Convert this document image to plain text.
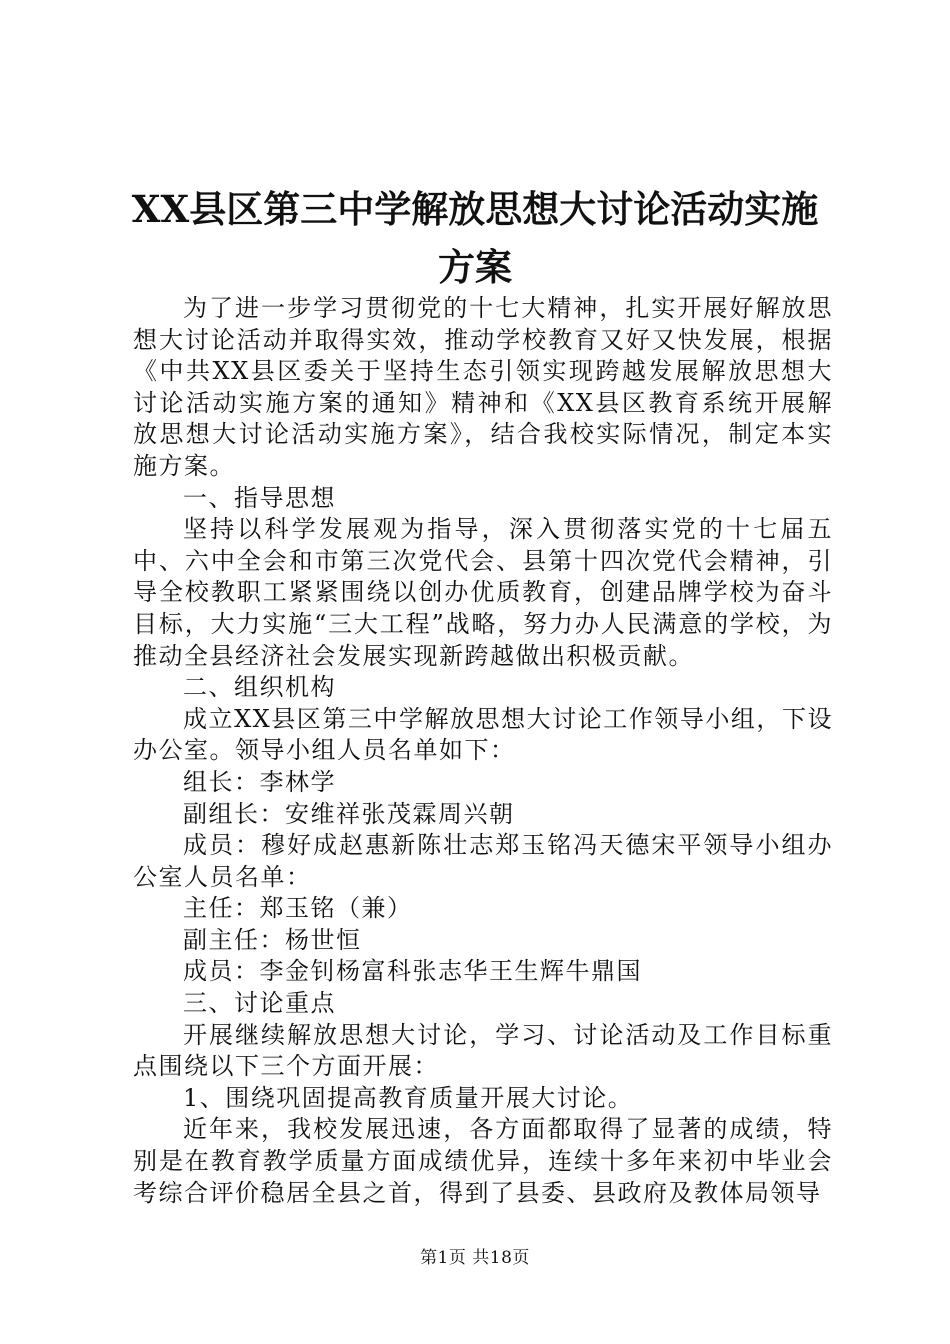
XX县区第三中学解放思想大讨论活动实施方案

为了进一步学习贯彻党的十七大精神，扎实开展好解放思想大讨论活动并取得实效，推动学校教育又好又快发展，根据《中共XX县区委关于坚持生态引领实现跨越发展解放思想大讨论活动实施方案的通知》精神和《XX县区教育系统开展解放思想大讨论活动实施方案》，结合我校实际情况，制定本实施方案。

一、指导思想

坚持以科学发展观为指导，深入贯彻落实党的十七届五中、六中全会和市第三次党代会、县第十四次党代会精神，引导全校教职工紧紧围绕以创办优质教育，创建品牌学校为奋斗目标，大力实施“三大工程”战略，努力办人民满意的学校，为推动全县经济社会发展实现新跨越做出积极贡献。

二、组织机构

成立XX县区第三中学解放思想大讨论工作领导小组，下设办公室。领导小组人员名单如下：

组长：李林学

副组长：安维祥张茂霖周兴朝

成员：穆好成赵惠新陈壮志郑玉铭冯天德宋平领导小组办公室人员名单：

主任：郑玉铭（兼）

副主任：杨世恒

成员：李金钊杨富科张志华王生辉牛鼎国

三、讨论重点

开展继续解放思想大讨论，学习、讨论活动及工作目标重点围绕以下三个方面开展：

1、围绕巩固提高教育质量开展大讨论。

近年来，我校发展迅速，各方面都取得了显著的成绩，特别是在教育教学质量方面成绩优异，连续十多年来初中毕业会考综合评价稳居全县之首，得到了县委、县政府及教体局领导

第1页 共18页
